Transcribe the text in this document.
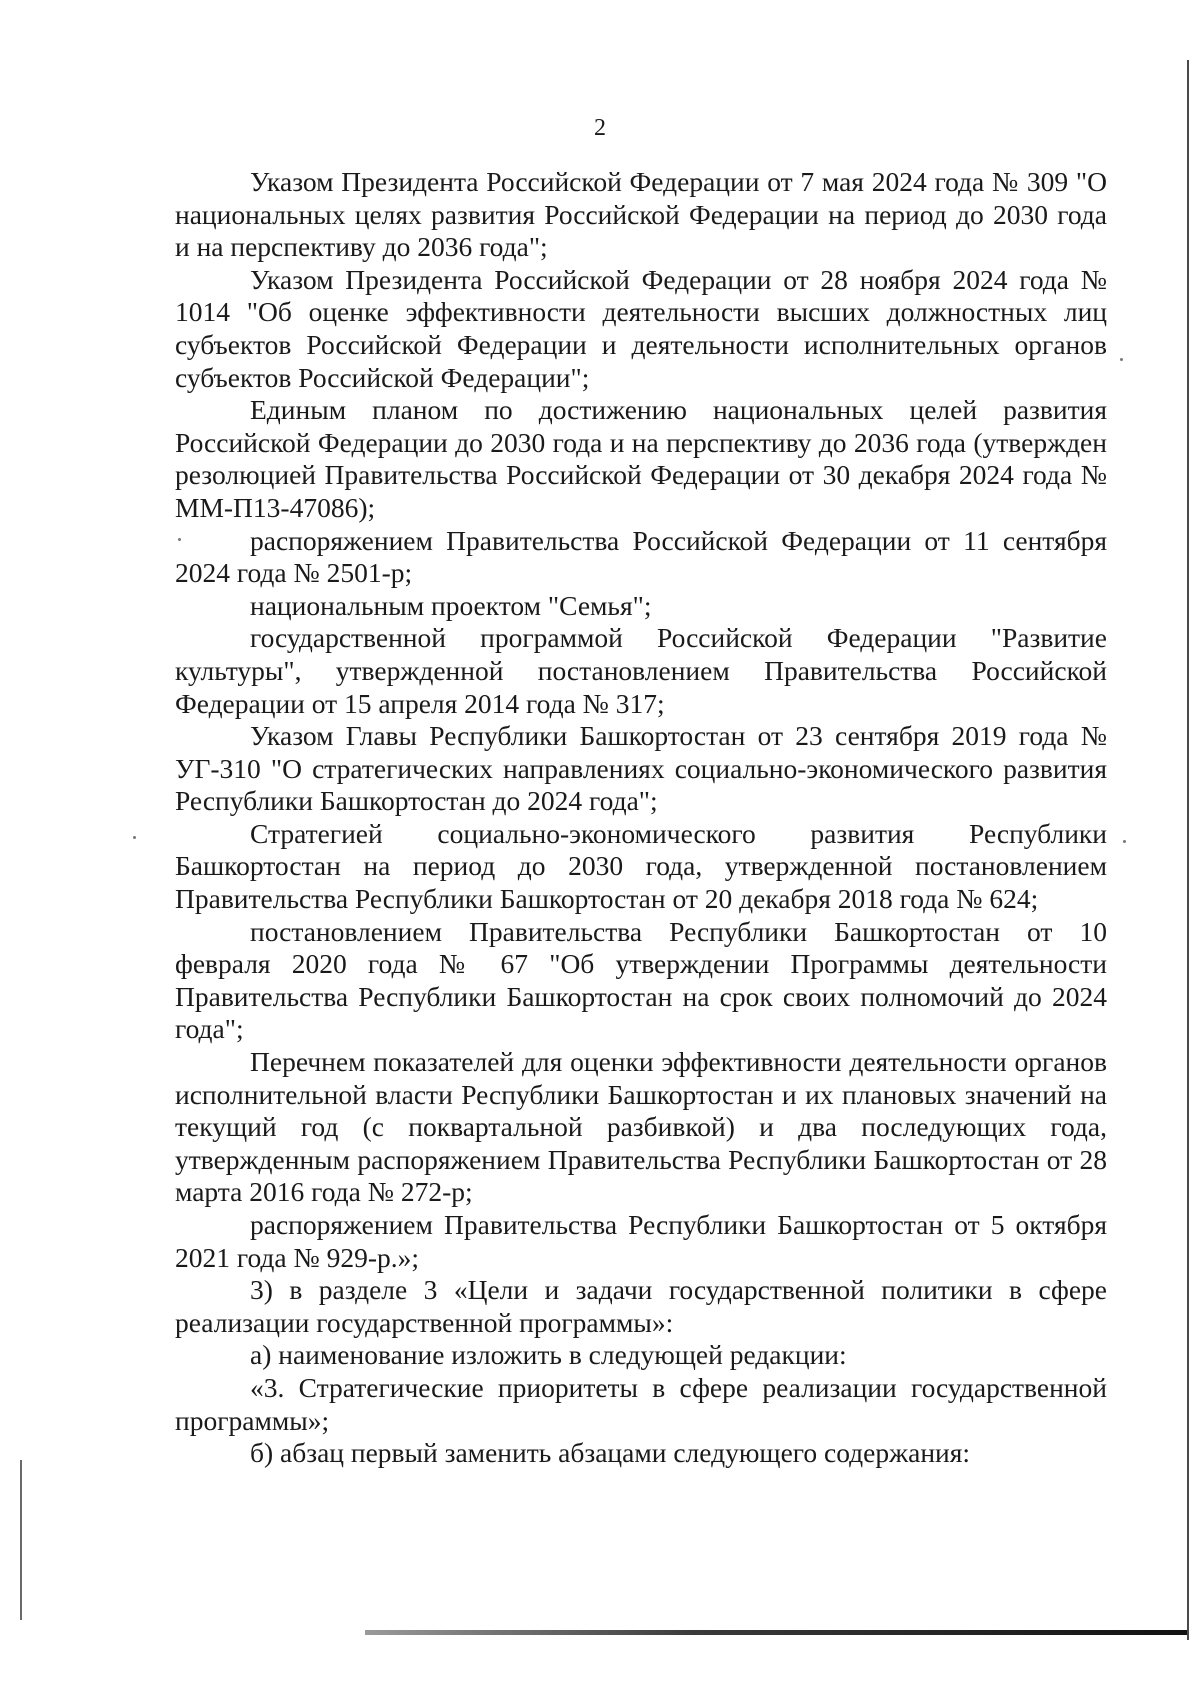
2

Указом Президента Российской Федерации от 7 мая 2024 года № 309 "О национальных целях развития Российской Федерации на период до 2030 года и на перспективу до 2036 года";

Указом Президента Российской Федерации от 28 ноября 2024 года № 1014 "Об оценке эффективности деятельности высших должностных лиц субъектов Российской Федерации и деятельности исполнительных органов субъектов Российской Федерации";

Единым планом по достижению национальных целей развития Российской Федерации до 2030 года и на перспективу до 2036 года (утвержден резолюцией Правительства Российской Федерации от 30 декабря 2024 года № ММ-П13-47086);

распоряжением Правительства Российской Федерации от 11 сентября 2024 года № 2501-р;

национальным проектом "Семья";

государственной программой Российской Федерации "Развитие культуры", утвержденной постановлением Правительства Российской Федерации от 15 апреля 2014 года № 317;

Указом Главы Республики Башкортостан от 23 сентября 2019 года № УГ-310 "О стратегических направлениях социально-экономического развития Республики Башкортостан до 2024 года";

Стратегией социально-экономического развития Республики Башкортостан на период до 2030 года, утвержденной постановлением Правительства Республики Башкортостан от 20 декабря 2018 года № 624;

постановлением Правительства Республики Башкортостан от 10 февраля 2020 года № 67 "Об утверждении Программы деятельности Правительства Республики Башкортостан на срок своих полномочий до 2024 года";

Перечнем показателей для оценки эффективности деятельности органов исполнительной власти Республики Башкортостан и их плановых значений на текущий год (с поквартальной разбивкой) и два последующих года, утвержденным распоряжением Правительства Республики Башкортостан от 28 марта 2016 года № 272-р;

распоряжением Правительства Республики Башкортостан от 5 октября 2021 года № 929-р.»;

3) в разделе 3 «Цели и задачи государственной политики в сфере реализации государственной программы»:

а) наименование изложить в следующей редакции:

«3. Стратегические приоритеты в сфере реализации государственной программы»;

б) абзац первый заменить абзацами следующего содержания:
